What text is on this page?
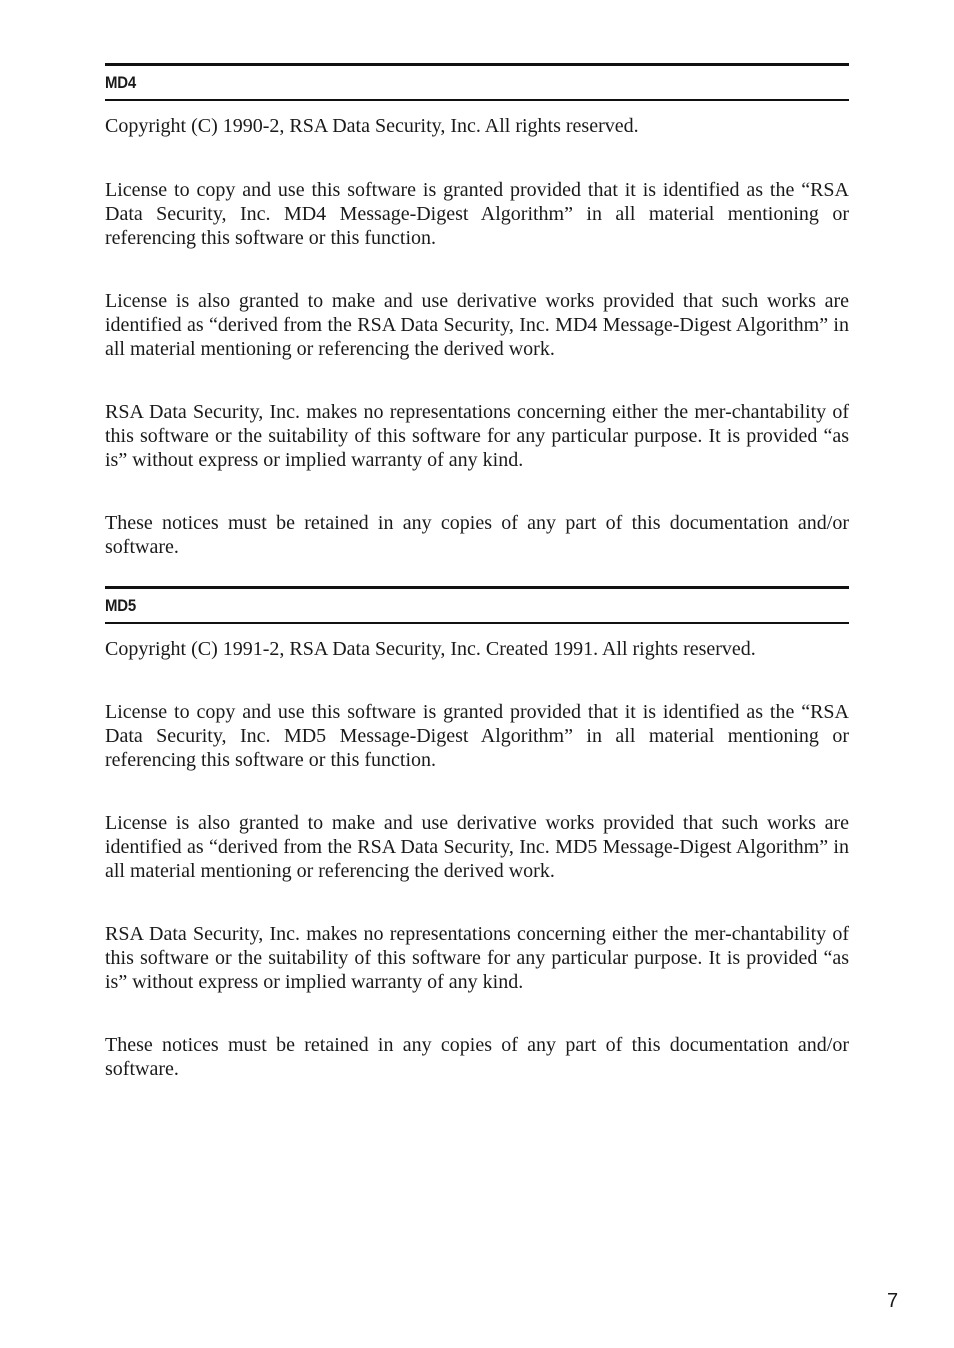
MD4

Copyright (C) 1990-2, RSA Data Security, Inc. All rights reserved.

License to copy and use this software is granted provided that it is identified as the “RSA Data Security, Inc. MD4 Message-Digest Algorithm” in all material mentioning or referencing this software or this function.

License is also granted to make and use derivative works provided that such works are identified as “derived from the RSA Data Security, Inc. MD4 Message-Digest Algorithm” in all material mentioning or referencing the derived work.

RSA Data Security, Inc. makes no representations concerning either the mer-chantability of this software or the suitability of this software for any particular purpose. It is provided “as is” without express or implied warranty of any kind.

These notices must be retained in any copies of any part of this documentation and/or software.

MD5

Copyright (C) 1991-2, RSA Data Security, Inc. Created 1991. All rights reserved.

License to copy and use this software is granted provided that it is identified as the “RSA Data Security, Inc. MD5 Message-Digest Algorithm” in all material mentioning or referencing this software or this function.

License is also granted to make and use derivative works provided that such works are identified as “derived from the RSA Data Security, Inc. MD5 Message-Digest Algorithm” in all material mentioning or referencing the derived work.

RSA Data Security, Inc. makes no representations concerning either the mer-chantability of this software or the suitability of this software for any particular purpose. It is provided “as is” without express or implied warranty of any kind.

These notices must be retained in any copies of any part of this documentation and/or software.

7
